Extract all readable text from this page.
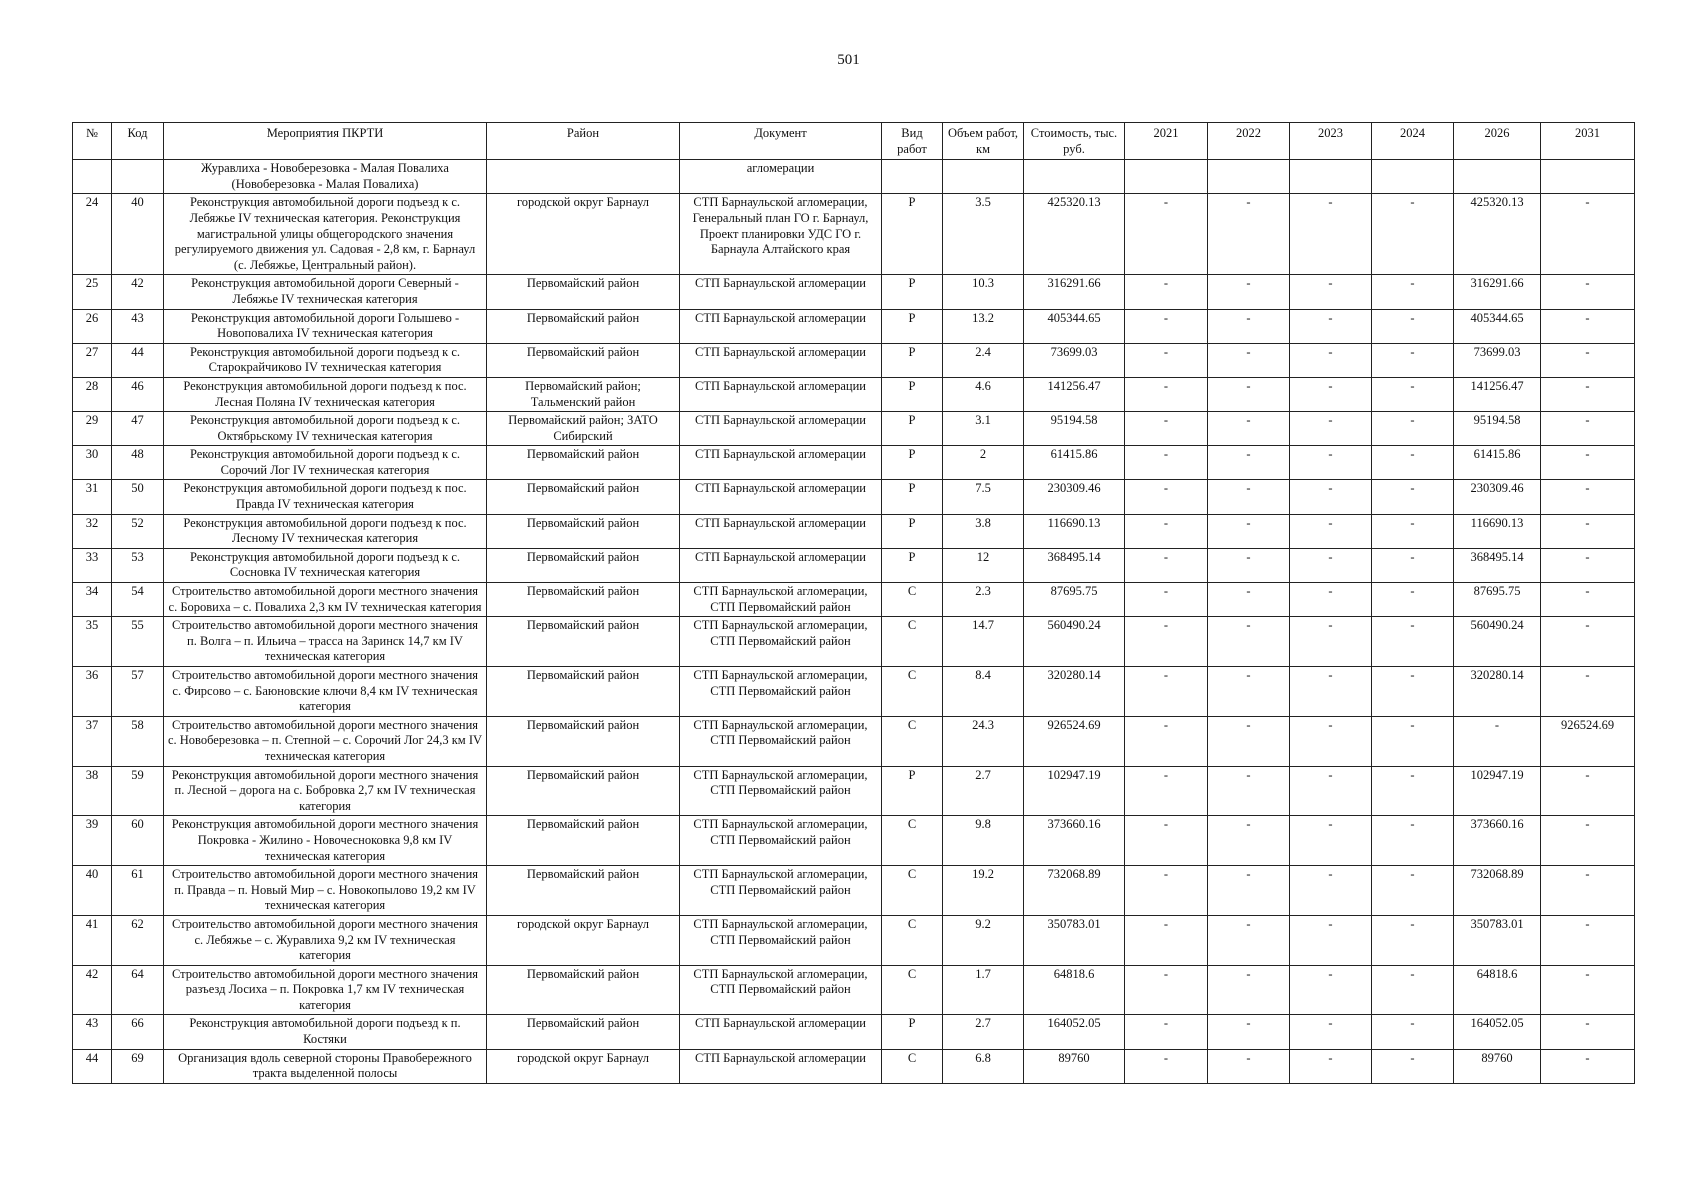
501
№	Код	Мероприятия ПКРТИ	Район	Документ	Вид работ	Объем работ, км	Стоимость, тыс. руб.	2021	2022	2023	2024	2026	2031
		Журавлиха - Новоберезовка - Малая Повалиха (Новоберезовка - Малая Повалиха)		агломерации									
24	40	Реконструкция автомобильной дороги подъезд к с. Лебяжье IV техническая категория. Реконструкция магистральной улицы общегородского значения регулируемого движения ул. Садовая - 2,8 км, г. Барнаул (с. Лебяжье, Центральный район).	городской округ Барнаул	СТП Барнаульской агломерации, Генеральный план ГО г. Барнаул, Проект планировки УДС ГО г. Барнаула Алтайского края	Р	3.5	425320.13	-	-	-	-	425320.13	-
25	42	Реконструкция автомобильной дороги Северный - Лебяжье IV техническая категория	Первомайский район	СТП Барнаульской агломерации	Р	10.3	316291.66	-	-	-	-	316291.66	-
26	43	Реконструкция автомобильной дороги Голышево - Новоповалиха IV техническая категория	Первомайский район	СТП Барнаульской агломерации	Р	13.2	405344.65	-	-	-	-	405344.65	-
27	44	Реконструкция автомобильной дороги подъезд к с. Старокрайчиково IV техническая категория	Первомайский район	СТП Барнаульской агломерации	Р	2.4	73699.03	-	-	-	-	73699.03	-
28	46	Реконструкция автомобильной дороги подъезд к пос. Лесная Поляна IV техническая категория	Первомайский район; Тальменский район	СТП Барнаульской агломерации	Р	4.6	141256.47	-	-	-	-	141256.47	-
29	47	Реконструкция автомобильной дороги подъезд к с. Октябрьскому IV техническая категория	Первомайский район; ЗАТО Сибирский	СТП Барнаульской агломерации	Р	3.1	95194.58	-	-	-	-	95194.58	-
30	48	Реконструкция автомобильной дороги подъезд к с. Сорочий Лог IV техническая категория	Первомайский район	СТП Барнаульской агломерации	Р	2	61415.86	-	-	-	-	61415.86	-
31	50	Реконструкция автомобильной дороги подъезд к пос. Правда IV техническая категория	Первомайский район	СТП Барнаульской агломерации	Р	7.5	230309.46	-	-	-	-	230309.46	-
32	52	Реконструкция автомобильной дороги подъезд к пос. Лесному IV техническая категория	Первомайский район	СТП Барнаульской агломерации	Р	3.8	116690.13	-	-	-	-	116690.13	-
33	53	Реконструкция автомобильной дороги подъезд к с. Сосновка IV техническая категория	Первомайский район	СТП Барнаульской агломерации	Р	12	368495.14	-	-	-	-	368495.14	-
34	54	Строительство автомобильной дороги местного значения с. Боровиха – с. Повалиха 2,3 км IV техническая категория	Первомайский район	СТП Барнаульской агломерации, СТП Первомайский район	С	2.3	87695.75	-	-	-	-	87695.75	-
35	55	Строительство автомобильной дороги местного значения п. Волга – п. Ильича – трасса на Заринск 14,7 км IV техническая категория	Первомайский район	СТП Барнаульской агломерации, СТП Первомайский район	С	14.7	560490.24	-	-	-	-	560490.24	-
36	57	Строительство автомобильной дороги местного значения с. Фирсово – с. Баюновские ключи 8,4 км IV техническая категория	Первомайский район	СТП Барнаульской агломерации, СТП Первомайский район	С	8.4	320280.14	-	-	-	-	320280.14	-
37	58	Строительство автомобильной дороги местного значения с. Новоберезовка – п. Степной – с. Сорочий Лог 24,3 км IV техническая категория	Первомайский район	СТП Барнаульской агломерации, СТП Первомайский район	С	24.3	926524.69	-	-	-	-	-	926524.69
38	59	Реконструкция автомобильной дороги местного значения п. Лесной – дорога на с. Бобровка 2,7 км IV техническая категория	Первомайский район	СТП Барнаульской агломерации, СТП Первомайский район	Р	2.7	102947.19	-	-	-	-	102947.19	-
39	60	Реконструкция автомобильной дороги местного значения Покровка - Жилино - Новочесноковка 9,8 км IV техническая категория	Первомайский район	СТП Барнаульской агломерации, СТП Первомайский район	С	9.8	373660.16	-	-	-	-	373660.16	-
40	61	Строительство автомобильной дороги местного значения п. Правда – п. Новый Мир – с. Новокопылово 19,2 км IV техническая категория	Первомайский район	СТП Барнаульской агломерации, СТП Первомайский район	С	19.2	732068.89	-	-	-	-	732068.89	-
41	62	Строительство автомобильной дороги местного значения с. Лебяжье – с. Журавлиха 9,2 км IV техническая категория	городской округ Барнаул	СТП Барнаульской агломерации, СТП Первомайский район	С	9.2	350783.01	-	-	-	-	350783.01	-
42	64	Строительство автомобильной дороги местного значения разъезд Лосиха – п. Покровка 1,7 км IV техническая категория	Первомайский район	СТП Барнаульской агломерации, СТП Первомайский район	С	1.7	64818.6	-	-	-	-	64818.6	-
43	66	Реконструкция автомобильной дороги подъезд к п. Костяки	Первомайский район	СТП Барнаульской агломерации	Р	2.7	164052.05	-	-	-	-	164052.05	-
44	69	Организация вдоль северной стороны Правобережного тракта выделенной полосы	городской округ Барнаул	СТП Барнаульской агломерации	С	6.8	89760	-	-	-	-	89760	-
